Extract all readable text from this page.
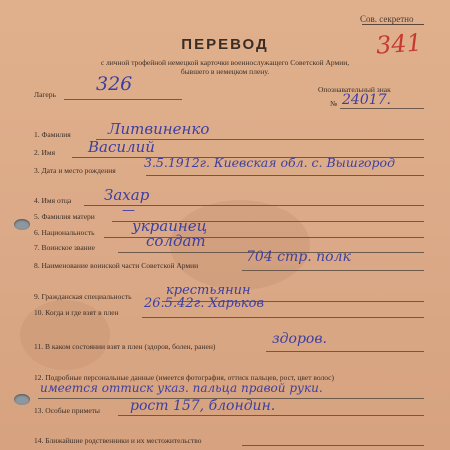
Сов. секретно
341
ПЕРЕВОД
с личной трофейной немецкой карточки военнослужащего Советской Армии,
бывшего в немецком плену.
Лагерь 326	Опознавательный знак
№ 24017.
1. Фамилия Литвиненко
2. Имя Василий
3. Дата и место рождения
3.5.1912г. Киевская обл. с. Вышгород
4. Имя отца Захар
5. Фамилия матери —
6. Национальность украинец
7. Воинское звание	солдат
8. Наименование воинской части Советской Армии
704 стр. полк
9. Гражданская специальность	крестьянин
10. Когда и где взят в плен
26.5.42г. Харьков
11. В каком состоянии взят в плен (здоров, болен, ранен)	здоров.
12. Подробные персональные данные (имеется фотография, оттиск пальцев, рост, цвет волос)
имеется оттиск указ. пальца правой руки.
13. Особые приметы рост 157, блондин.
14. Ближайшие родственники и их местожительство
